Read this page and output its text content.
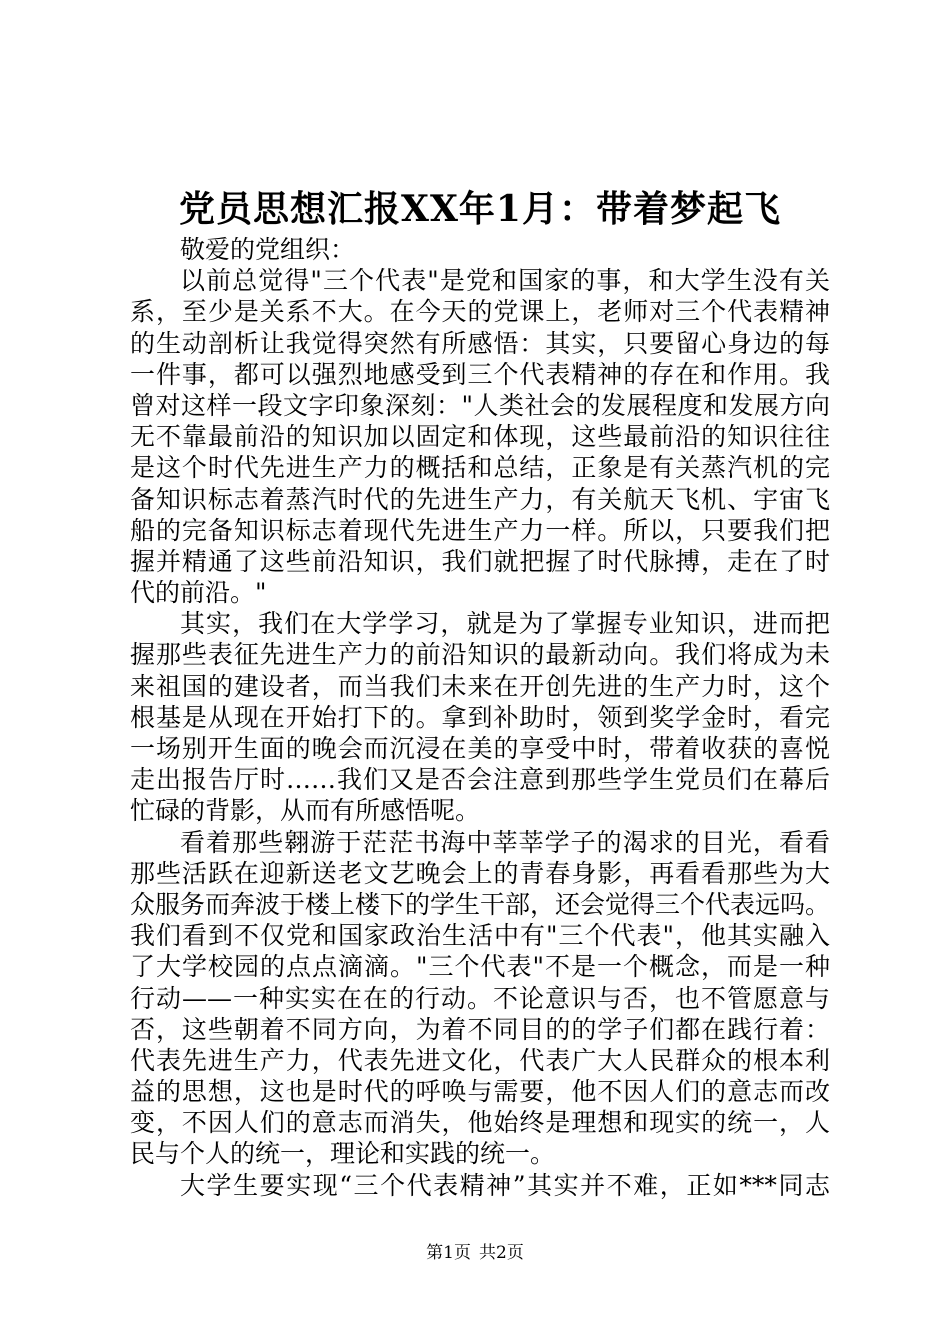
党员思想汇报XX年1月：带着梦起飞
敬爱的党组织：
以前总觉得"三个代表"是党和国家的事，和大学生没有关
系，至少是关系不大。在今天的党课上，老师对三个代表精神
的生动剖析让我觉得突然有所感悟：其实，只要留心身边的每
一件事，都可以强烈地感受到三个代表精神的存在和作用。我
曾对这样一段文字印象深刻："人类社会的发展程度和发展方向
无不靠最前沿的知识加以固定和体现，这些最前沿的知识往往
是这个时代先进生产力的概括和总结，正象是有关蒸汽机的完
备知识标志着蒸汽时代的先进生产力，有关航天飞机、宇宙飞
船的完备知识标志着现代先进生产力一样。所以，只要我们把
握并精通了这些前沿知识，我们就把握了时代脉搏，走在了时
代的前沿。"
其实，我们在大学学习，就是为了掌握专业知识，进而把
握那些表征先进生产力的前沿知识的最新动向。我们将成为未
来祖国的建设者，而当我们未来在开创先进的生产力时，这个
根基是从现在开始打下的。拿到补助时，领到奖学金时，看完
一场别开生面的晚会而沉浸在美的享受中时，带着收获的喜悦
走出报告厅时……我们又是否会注意到那些学生党员们在幕后
忙碌的背影，从而有所感悟呢。
看着那些翱游于茫茫书海中莘莘学子的渴求的目光，看看
那些活跃在迎新送老文艺晚会上的青春身影，再看看那些为大
众服务而奔波于楼上楼下的学生干部，还会觉得三个代表远吗。
我们看到不仅党和国家政治生活中有"三个代表"，他其实融入
了大学校园的点点滴滴。"三个代表"不是一个概念，而是一种
行动——一种实实在在的行动。不论意识与否，也不管愿意与
否，这些朝着不同方向，为着不同目的的学子们都在践行着：
代表先进生产力，代表先进文化，代表广大人民群众的根本利
益的思想，这也是时代的呼唤与需要，他不因人们的意志而改
变，不因人们的意志而消失，他始终是理想和现实的统一，人
民与个人的统一，理论和实践的统一。
大学生要实现“三个代表精神”其实并不难，正如***同志
第1页 共2页
